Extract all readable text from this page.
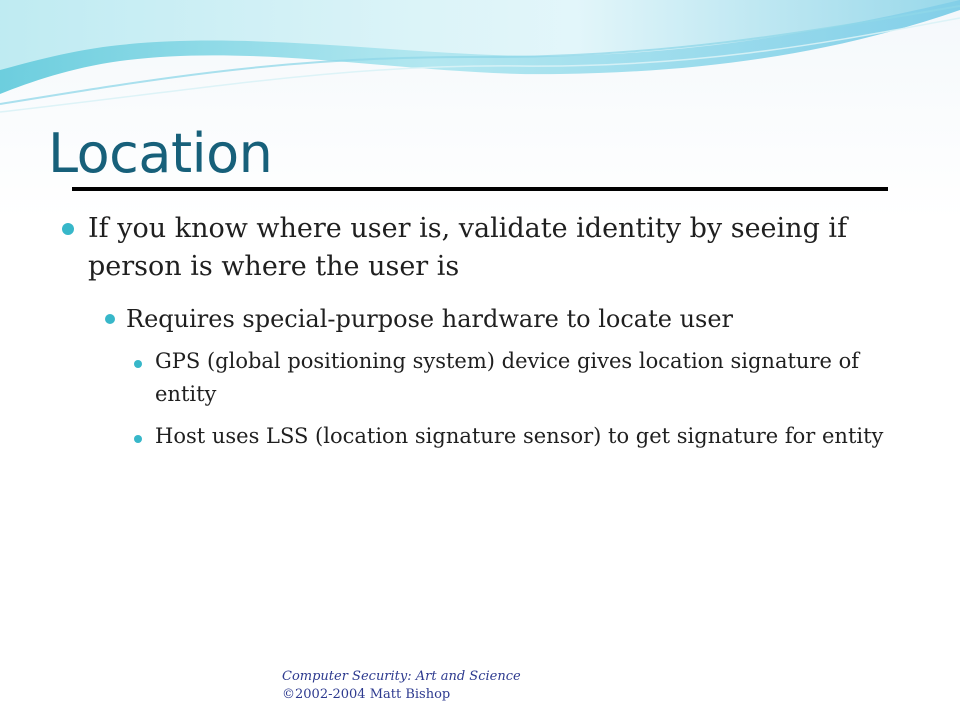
Location

If you know where user is, validate identity by seeing if person is where the user is

Requires special-purpose hardware to locate user

GPS (global positioning system) device gives location signature of entity

Host uses LSS (location signature sensor) to get signature for entity

Computer Security: Art and Science
©2002-2004 Matt Bishop
